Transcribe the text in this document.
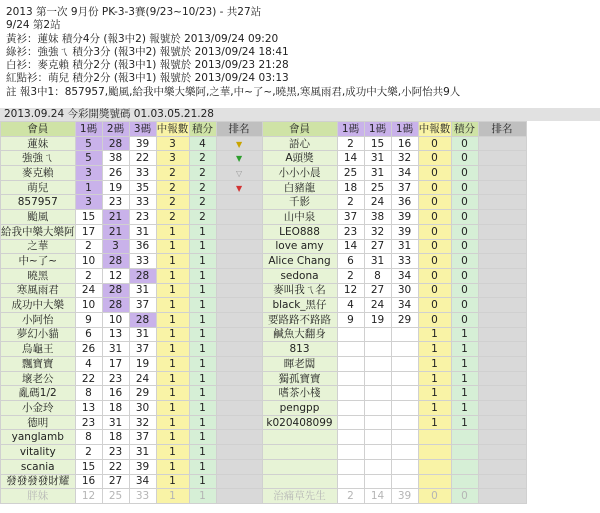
2013 第一次 9月份 PK-3-3賽(9/23~10/23) - 共27站
9/24 第2站
黃衫：蓮妹 積分4分 (報3中2) 報號於 2013/09/24 09:20
綠衫：強強ㄟ 積分3分 (報3中2) 報號於 2013/09/24 18:41
白衫：麥克賴 積分2分 (報3中1) 報號於 2013/09/23 21:28
紅點衫：萌兒 積分2分 (報3中1) 報號於 2013/09/24 03:13
註 報3中1：857957,颱風,給我中樂大樂阿,之華,中~了~,曉黑,寒風雨君,成功中大樂,小阿怡共9人
2013.09.24 今彩開獎號碼 01.03.05.21.28
會員	1碼	2碼	3碼	中報數	積分	排名	會員	1碼	1碼	1碼	中報數	積分	排名
蓮妹	5	28	39	3	4	▼	語心	2	15	16	0	0	
強強ㄟ	5	38	22	3	2	▼	A頭獎	14	31	32	0	0	
麥克賴	3	26	33	2	2	▽	小小小晨	25	31	34	0	0	
萌兒	1	19	35	2	2	▼	白豬龍	18	25	37	0	0	
857957	3	23	33	2	2		千影	2	24	36	0	0	
颱風	15	21	23	2	2		山中泉	37	38	39	0	0	
給我中樂大樂阿	17	21	31	1	1		LEO888	23	32	39	0	0	
之華	2	3	36	1	1		love amy	14	27	31	0	0	
中~了~	10	28	33	1	1		Alice Chang	6	31	33	0	0	
曉黑	2	12	28	1	1		sedona	2	8	34	0	0	
寒風雨君	24	28	31	1	1		麥叫我ㄟ名	12	27	30	0	0	
成功中大樂	10	28	37	1	1		black_黑仔	4	24	34	0	0	
小阿怡	9	10	28	1	1		要路路不路路	9	19	29	0	0	
夢幻小貓	6	13	31	1	1		鹹魚大翻身				1	1	
烏龜王	26	31	37	1	1		813				1	1	
飄寶寶	4	17	19	1	1		暉老闆				1	1	
壞老公	22	23	24	1	1		獨孤寶寶				1	1	
亂碼1/2	8	16	29	1	1		嗜茶小棧				1	1	
小金玲	13	18	30	1	1		pengpp				1	1	
德明	23	31	32	1	1		k020408099				1	1	
yanglamb	8	18	37	1	1								
vitality	2	23	31	1	1								
scania	15	22	39	1	1								
發發發發財耀	16	27	34	1	1								
胖妹	12	25	33	1	1		治痛草先生	2	14	39	0	0	
